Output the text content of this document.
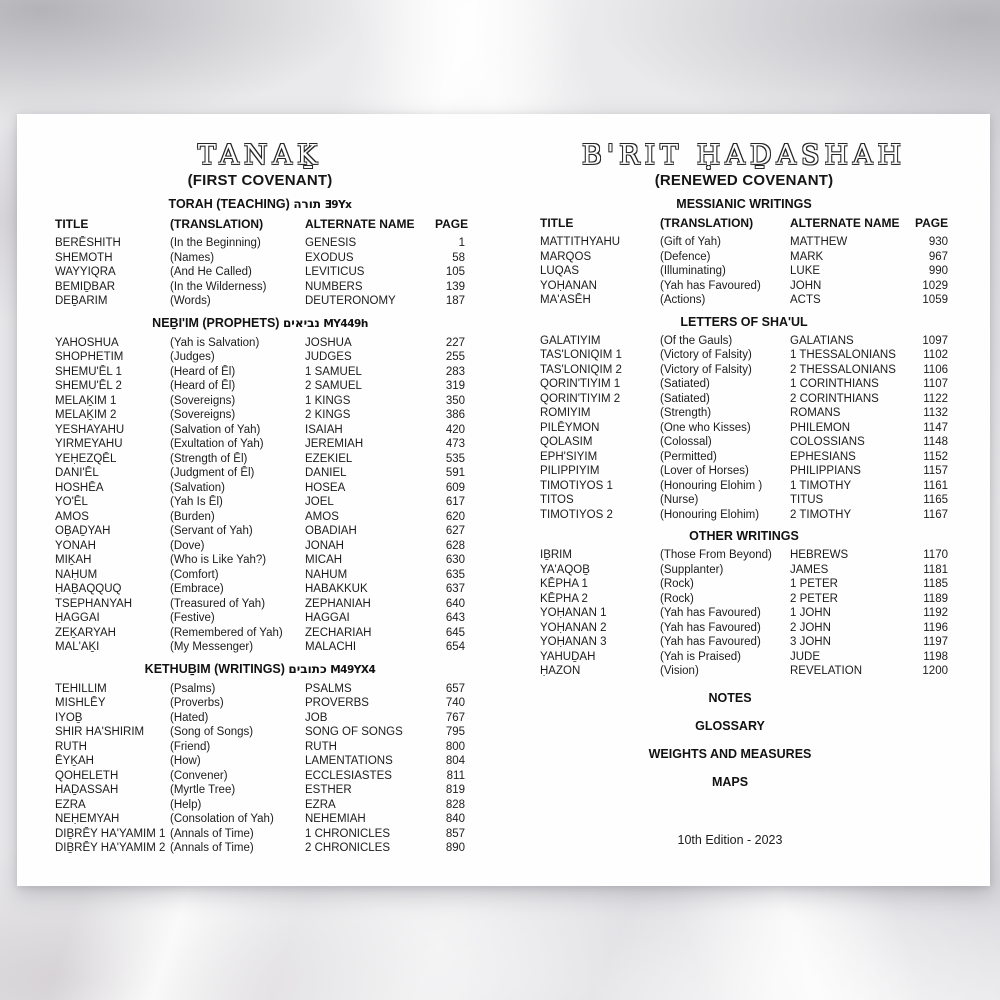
TANAḴ
(FIRST COVENANT)
TORAH (TEACHING) תורה Ǝ9Yx
TITLE	(TRANSLATION)	ALTERNATE NAME	PAGE
BERĒSHITH	(In the Beginning)	GENESIS	1
SHEMOTH	(Names)	EXODUS	58
WAYYIQRA	(And He Called)	LEVITICUS	105
BEMIḎBAR	(In the Wilderness)	NUMBERS	139
DEḆARIM	(Words)	DEUTERONOMY	187
NEḆI'IM (PROPHETS) נביאים MY449h
YAHOSHUA	(Yah is Salvation)	JOSHUA	227
SHOPHETIM	(Judges)	JUDGES	255
SHEMU'ĒL 1	(Heard of Ēl)	1 SAMUEL	283
SHEMU'ĒL 2	(Heard of Ēl)	2 SAMUEL	319
MELAḴIM 1	(Sovereigns)	1 KINGS	350
MELAḴIM 2	(Sovereigns)	2 KINGS	386
YESHAYAHU	(Salvation of Yah)	ISAIAH	420
YIRMEYAHU	(Exultation of Yah)	JEREMIAH	473
YEḤEZQĒL	(Strength of Ēl)	EZEKIEL	535
DANI'ĒL	(Judgment of Ēl)	DANIEL	591
HOSHĒA	(Salvation)	HOSEA	609
YO'ĒL	(Yah Is Ēl)	JOEL	617
AMOS	(Burden)	AMOS	620
OḆAḎYAH	(Servant of Yah)	OBADIAH	627
YONAH	(Dove)	JONAH	628
MIḴAH	(Who is Like Yah?)	MICAH	630
NAḤUM	(Comfort)	NAHUM	635
ḤAḆAQQUQ	(Embrace)	HABAKKUK	637
TSEPHANYAH	(Treasured of Yah)	ZEPHANIAH	640
ḤAGGAI	(Festive)	HAGGAI	643
ZEḴARYAH	(Remembered of Yah)	ZECHARIAH	645
MAL'AḴI	(My Messenger)	MALACHI	654
KETHUḆIM (WRITINGS) כתובים M49YX4
TEHILLIM	(Psalms)	PSALMS	657
MISHLĒY	(Proverbs)	PROVERBS	740
IYOḆ	(Hated)	JOB	767
SHIR HA'SHIRIM	(Song of Songs)	SONG OF SONGS	795
RUTH	(Friend)	RUTH	800
ĒYḴAH	(How)	LAMENTATIONS	804
QOHELETH	(Convener)	ECCLESIASTES	811
HAḎASSAH	(Myrtle Tree)	ESTHER	819
EZRA	(Help)	EZRA	828
NEḤEMYAH	(Consolation of Yah)	NEHEMIAH	840
DIḆRĒY HA'YAMIM 1 (Annals of Time)	1 CHRONICLES	857
DIḆRĒY HA'YAMIM 2 (Annals of Time)	2 CHRONICLES	890
B'RIT ḤAḎASHAH
(RENEWED COVENANT)
MESSIANIC WRITINGS
TITLE	(TRANSLATION)	ALTERNATE NAME	PAGE
MATTITHYAHU	(Gift of Yah)	MATTHEW	930
MARQOS	(Defence)	MARK	967
LUQAS	(Illuminating)	LUKE	990
YOḤANAN	(Yah has Favoured)	JOHN	1029
MA'ASĒH	(Actions)	ACTS	1059
LETTERS OF SHA'UL
GALATIYIM	(Of the Gauls)	GALATIANS	1097
TAS'LONIQIM 1	(Victory of Falsity)	1 THESSALONIANS	1102
TAS'LONIQIM 2	(Victory of Falsity)	2 THESSALONIANS	1106
QORIN'TIYIM 1	(Satiated)	1 CORINTHIANS	1107
QORIN'TIYIM 2	(Satiated)	2 CORINTHIANS	1122
ROMIYIM	(Strength)	ROMANS	1132
PILĒYMON	(One who Kisses)	PHILEMON	1147
QOLASIM	(Colossal)	COLOSSIANS	1148
EPH'SIYIM	(Permitted)	EPHESIANS	1152
PILIPPIYIM	(Lover of Horses)	PHILIPPIANS	1157
TIMOTIYOS 1	(Honouring Elohim )	1 TIMOTHY	1161
TITOS	(Nurse)	TITUS	1165
TIMOTIYOS 2	(Honouring Elohim)	2 TIMOTHY	1167
OTHER WRITINGS
IḆRIM	(Those From Beyond)	HEBREWS	1170
YA'AQOḆ	(Supplanter)	JAMES	1181
KĒPHA 1	(Rock)	1 PETER	1185
KĒPHA 2	(Rock)	2 PETER	1189
YOḤANAN 1	(Yah has Favoured)	1 JOHN	1192
YOḤANAN 2	(Yah has Favoured)	2 JOHN	1196
YOḤANAN 3	(Yah has Favoured)	3 JOHN	1197
YAHUḎAH	(Yah is Praised)	JUDE	1198
ḤAZON	(Vision)	REVELATION	1200
NOTES
GLOSSARY
WEIGHTS AND MEASURES
MAPS
10th Edition - 2023
